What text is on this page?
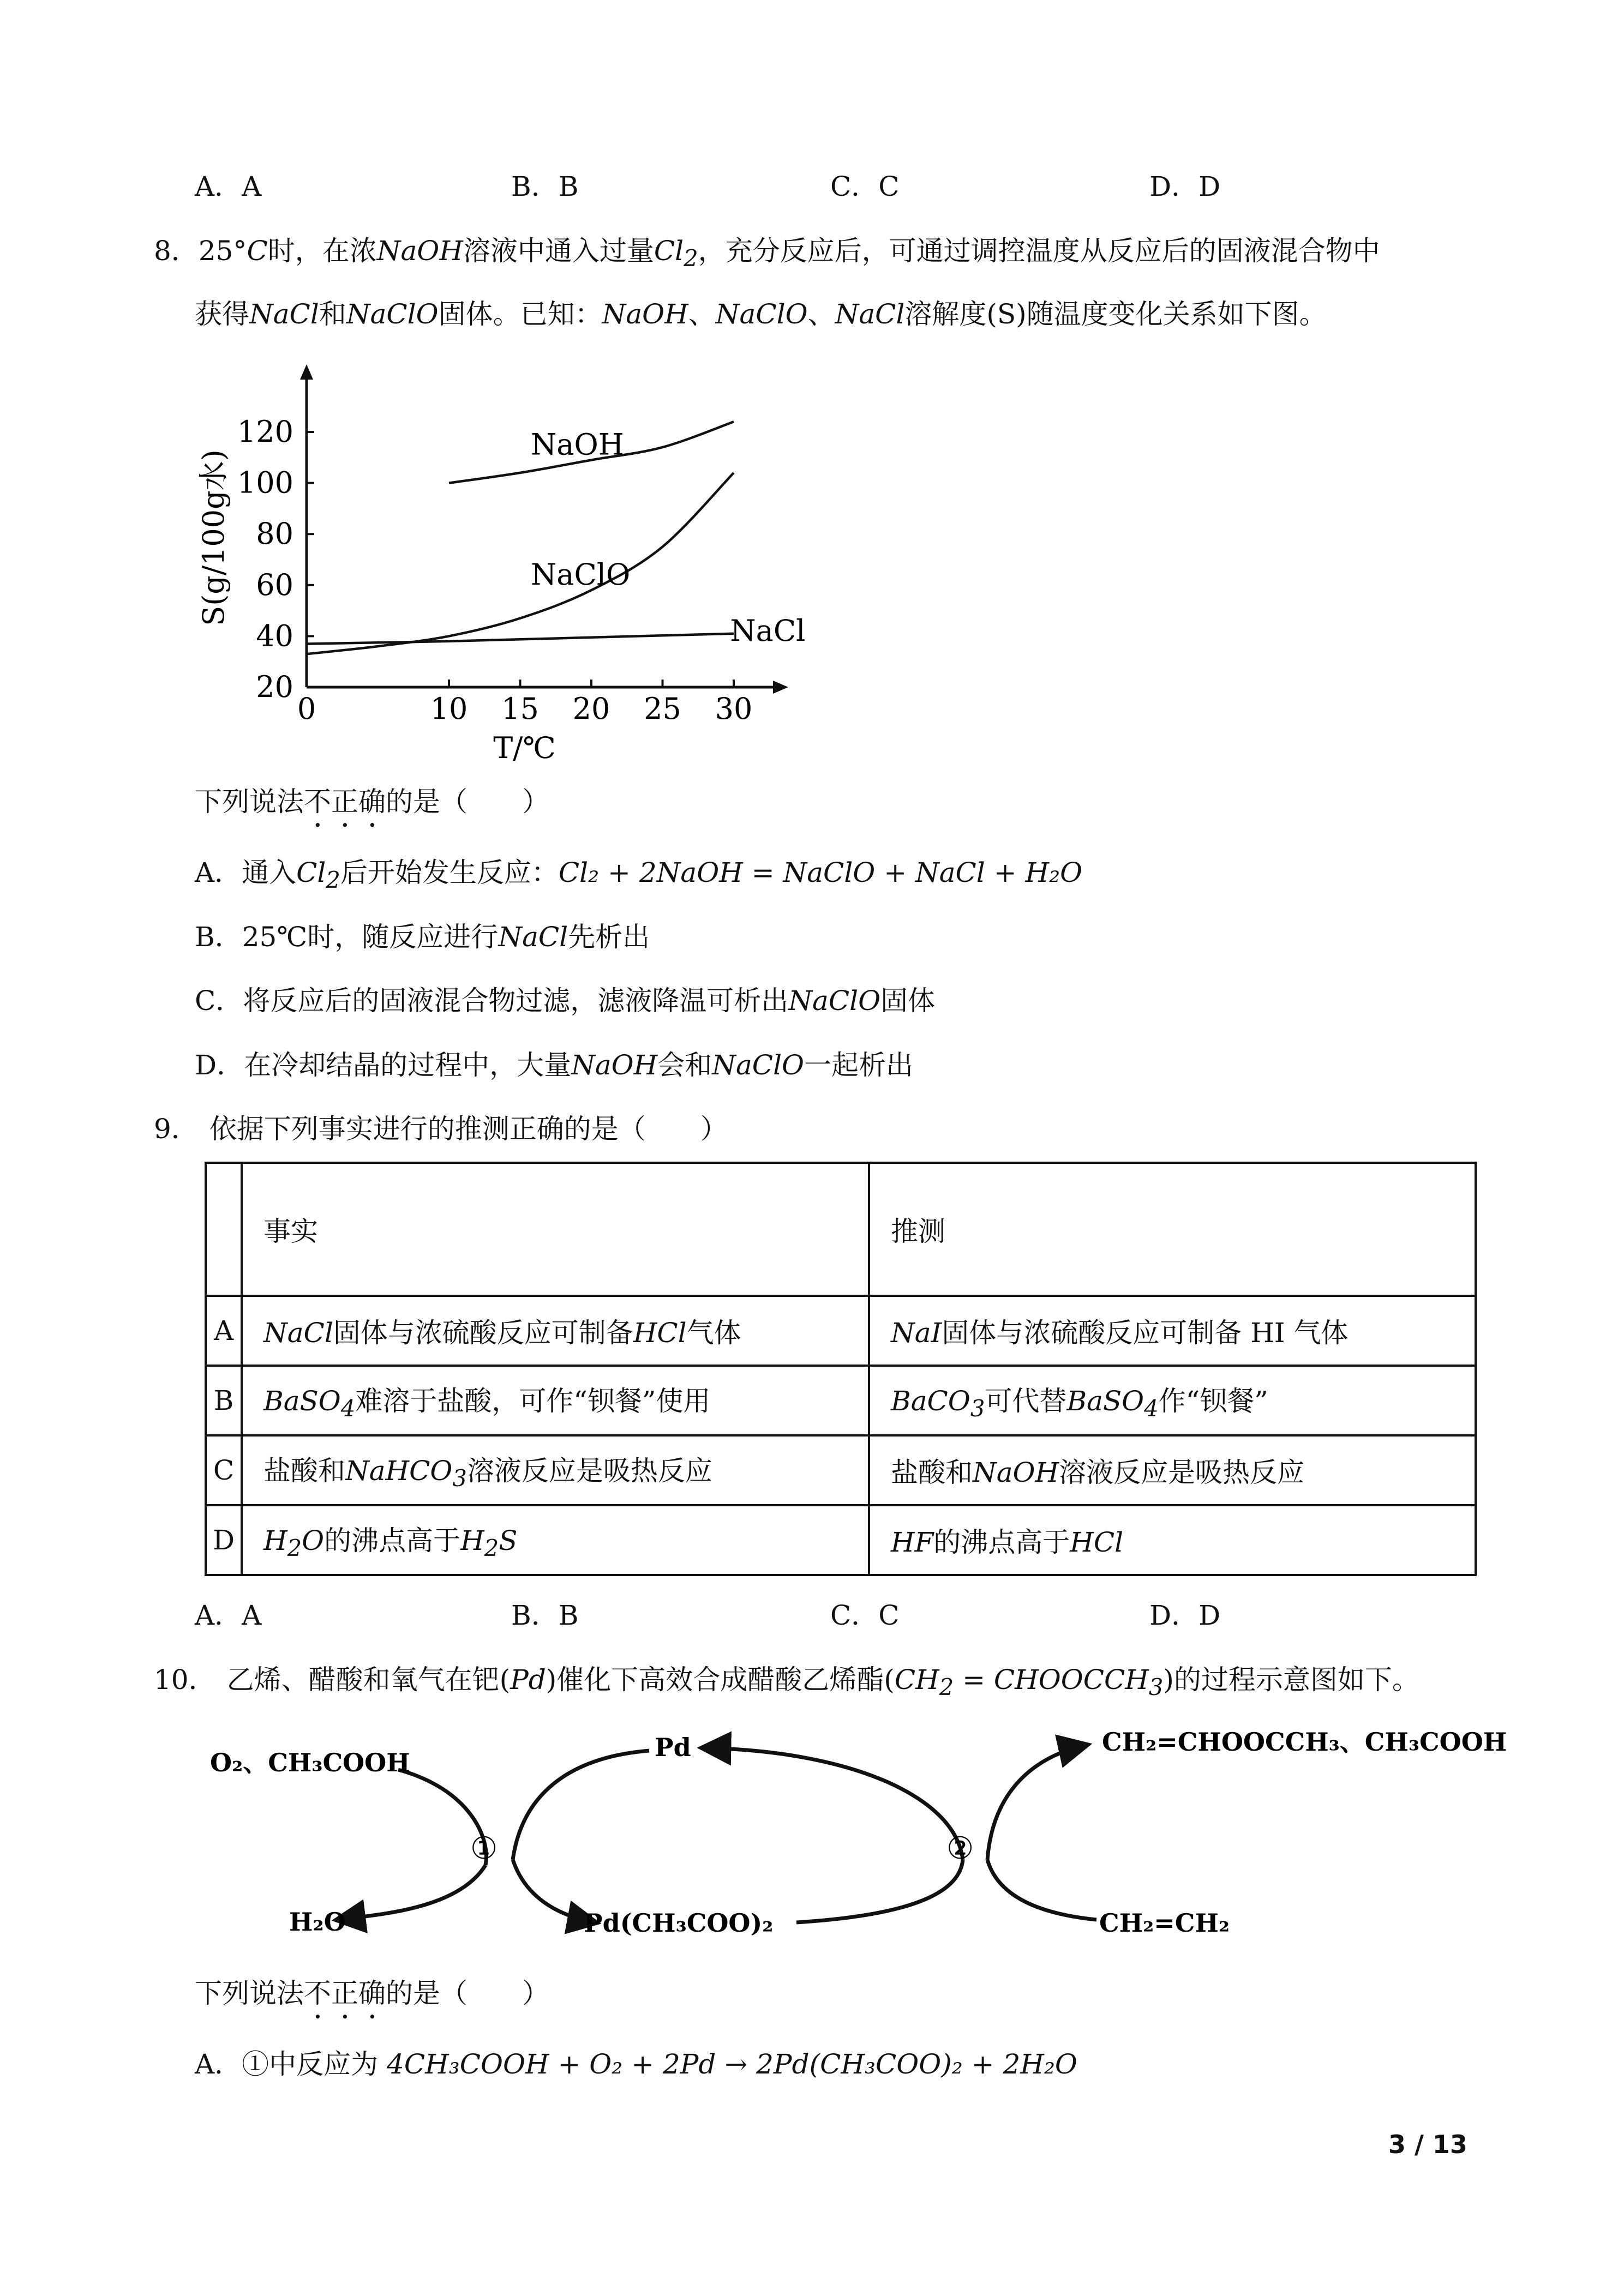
A．A	B．B	C．C	D．D
8．25°C时，在浓NaOH溶液中通入过量$Cl_2$，充分反应后，可通过调控温度从反应后的固液混合物中
获得NaCl和NaClO固体。已知：NaOH、NaClO、NaCl溶解度(S)随温度变化关系如下图。
0	10 15 20 25 30
20
40
60
80
100
120	NaOH
NaClO
NaCl
T/℃
S(g/100g水)
下列说法不正确的是（　　）
A．通入$Cl_2$后开始发生反应：Cl₂ + 2NaOH = NaClO + NaCl + H₂O
B．25℃时，随反应进行NaCl先析出
C．将反应后的固液混合物过滤，滤液降温可析出NaClO固体
D．在冷却结晶的过程中，大量NaOH会和NaClO一起析出
9． 依据下列事实进行的推测正确的是（　　）
	事实	推测
A	NaCl固体与浓硫酸反应可制备HCl气体	NaI固体与浓硫酸反应可制备 HI 气体
B	BaSO$_4$难溶于盐酸，可作“钡餐”使用	BaCO$_3$可代替BaSO$_4$作“钡餐”
C	盐酸和NaHCO$_3$溶液反应是吸热反应	盐酸和NaOH溶液反应是吸热反应
D	$H_2O$的沸点高于$H_2S$	HF的沸点高于HCl
A．A	B．B	C．C	D．D
10． 乙烯、醋酸和氧气在钯(Pd)催化下高效合成醋酸乙烯酯($CH_2$ = $CHOOCCH_3$)的过程示意图如下。
O₂、CH₃COOH
Pd	CH₂=CHOOCCH₃、CH₃COOH
H₂O	Pd(CH₃COO)₂	CH₂=CH₂
①	②
下列说法不正确的是（　　）
A．①中反应为 4CH₃COOH + O₂ + 2Pd → 2Pd(CH₃COO)₂ + 2H₂O
3 / 13
